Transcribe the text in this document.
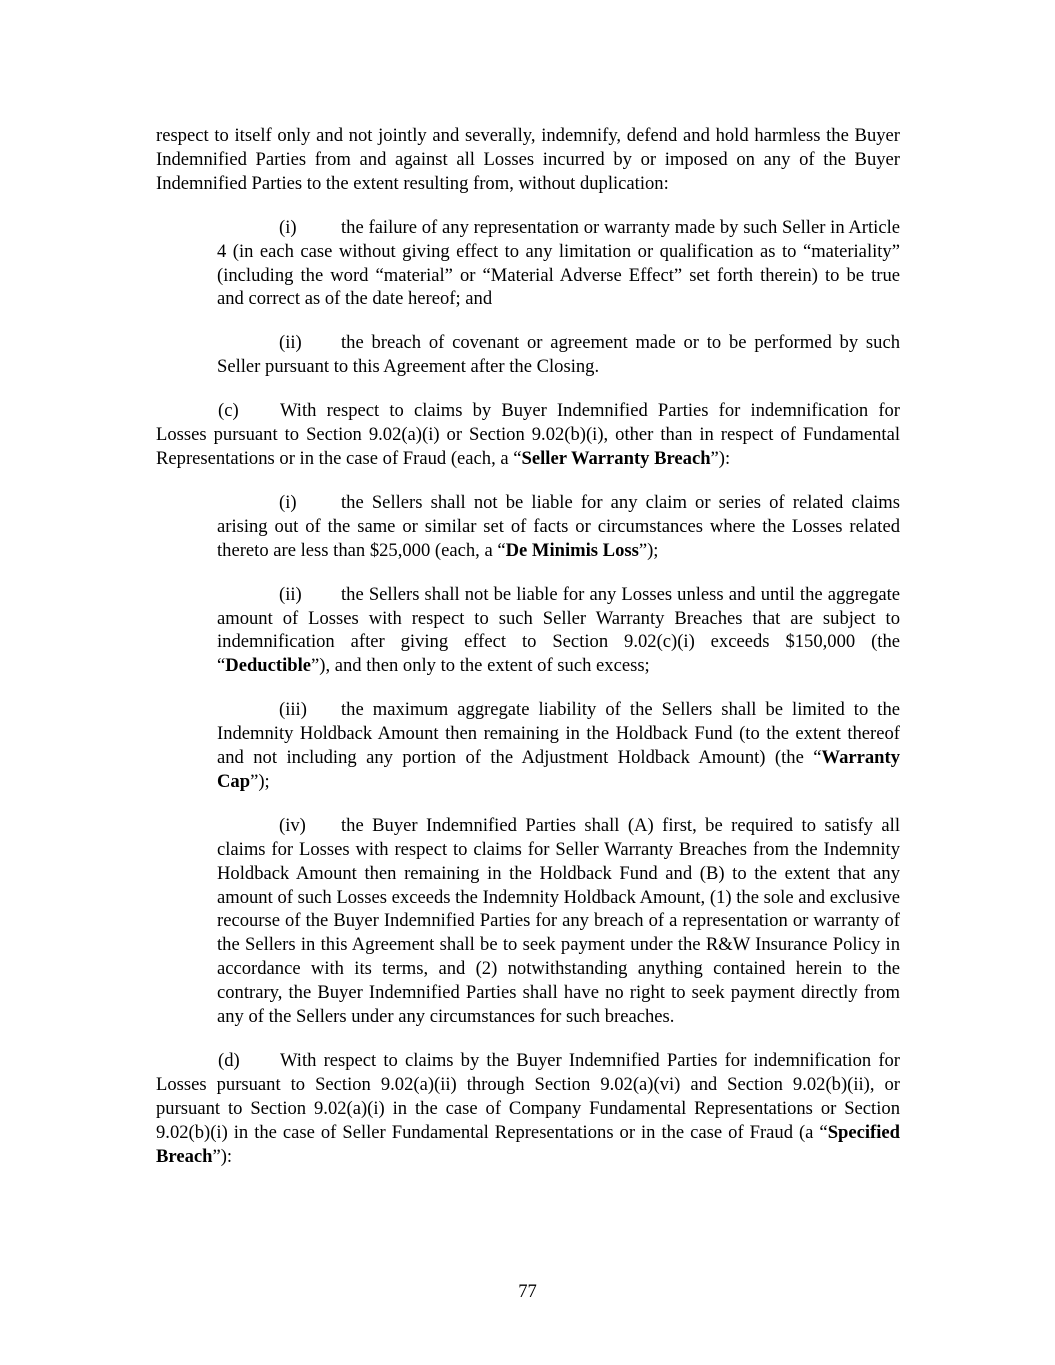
respect to itself only and not jointly and severally, indemnify, defend and hold harmless the Buyer Indemnified Parties from and against all Losses incurred by or imposed on any of the Buyer Indemnified Parties to the extent resulting from, without duplication:

(i) the failure of any representation or warranty made by such Seller in Article 4 (in each case without giving effect to any limitation or qualification as to “materiality” (including the word “material” or “Material Adverse Effect” set forth therein) to be true and correct as of the date hereof; and

(ii) the breach of covenant or agreement made or to be performed by such Seller pursuant to this Agreement after the Closing.

(c) With respect to claims by Buyer Indemnified Parties for indemnification for Losses pursuant to Section 9.02(a)(i) or Section 9.02(b)(i), other than in respect of Fundamental Representations or in the case of Fraud (each, a “Seller Warranty Breach”):

(i) the Sellers shall not be liable for any claim or series of related claims arising out of the same or similar set of facts or circumstances where the Losses related thereto are less than $25,000 (each, a “De Minimis Loss”);

(ii) the Sellers shall not be liable for any Losses unless and until the aggregate amount of Losses with respect to such Seller Warranty Breaches that are subject to indemnification after giving effect to Section 9.02(c)(i) exceeds $150,000 (the “Deductible”), and then only to the extent of such excess;

(iii) the maximum aggregate liability of the Sellers shall be limited to the Indemnity Holdback Amount then remaining in the Holdback Fund (to the extent thereof and not including any portion of the Adjustment Holdback Amount) (the “Warranty Cap”);

(iv) the Buyer Indemnified Parties shall (A) first, be required to satisfy all claims for Losses with respect to claims for Seller Warranty Breaches from the Indemnity Holdback Amount then remaining in the Holdback Fund and (B) to the extent that any amount of such Losses exceeds the Indemnity Holdback Amount, (1) the sole and exclusive recourse of the Buyer Indemnified Parties for any breach of a representation or warranty of the Sellers in this Agreement shall be to seek payment under the R&W Insurance Policy in accordance with its terms, and (2) notwithstanding anything contained herein to the contrary, the Buyer Indemnified Parties shall have no right to seek payment directly from any of the Sellers under any circumstances for such breaches.

(d) With respect to claims by the Buyer Indemnified Parties for indemnification for Losses pursuant to Section 9.02(a)(ii) through Section 9.02(a)(vi) and Section 9.02(b)(ii), or pursuant to Section 9.02(a)(i) in the case of Company Fundamental Representations or Section 9.02(b)(i) in the case of Seller Fundamental Representations or in the case of Fraud (a “Specified Breach”):

77
